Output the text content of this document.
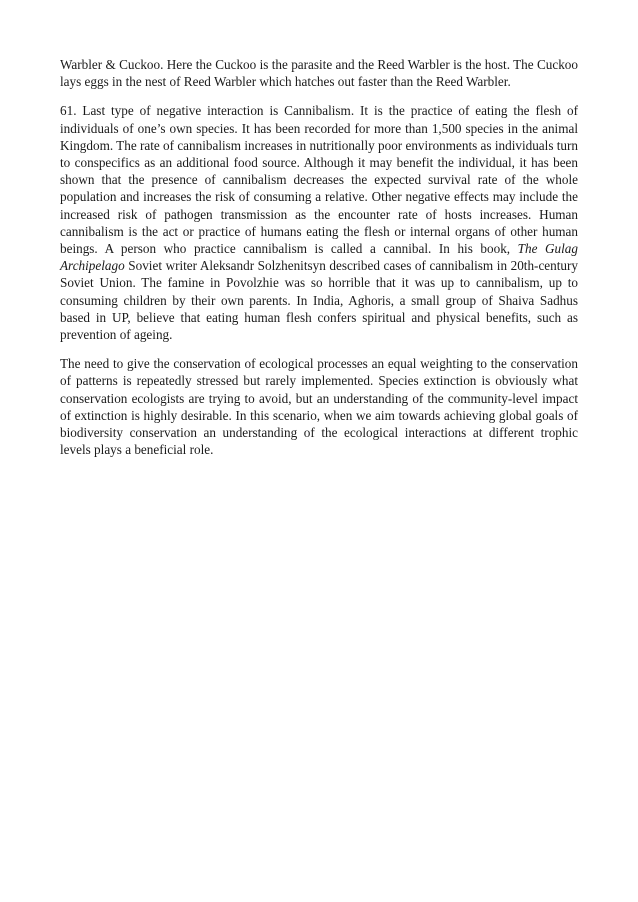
Warbler & Cuckoo. Here the Cuckoo is the parasite and the Reed Warbler is the host. The Cuckoo lays eggs in the nest of Reed Warbler which hatches out faster than the Reed Warbler.

61. Last type of negative interaction is Cannibalism. It is the practice of eating the flesh of individuals of one’s own species. It has been recorded for more than 1,500 species in the animal Kingdom. The rate of cannibalism increases in nutritionally poor environments as individuals turn to conspecifics as an additional food source. Although it may benefit the individual, it has been shown that the presence of cannibalism decreases the expected survival rate of the whole population and increases the risk of consuming a relative. Other negative effects may include the increased risk of pathogen transmission as the encounter rate of hosts increases. Human cannibalism is the act or practice of humans eating the flesh or internal organs of other human beings. A person who practice cannibalism is called a cannibal. In his book, The Gulag Archipelago Soviet writer Aleksandr Solzhenitsyn described cases of cannibalism in 20th-century Soviet Union. The famine in Povolzhie was so horrible that it was up to cannibalism, up to consuming children by their own parents. In India, Aghoris, a small group of Shaiva Sadhus based in UP, believe that eating human flesh confers spiritual and physical benefits, such as prevention of ageing.

The need to give the conservation of ecological processes an equal weighting to the conservation of patterns is repeatedly stressed but rarely implemented. Species extinction is obviously what conservation ecologists are trying to avoid, but an understanding of the community-level impact of extinction is highly desirable. In this scenario, when we aim towards achieving global goals of biodiversity conservation an understanding of the ecological interactions at different trophic levels plays a beneficial role.
